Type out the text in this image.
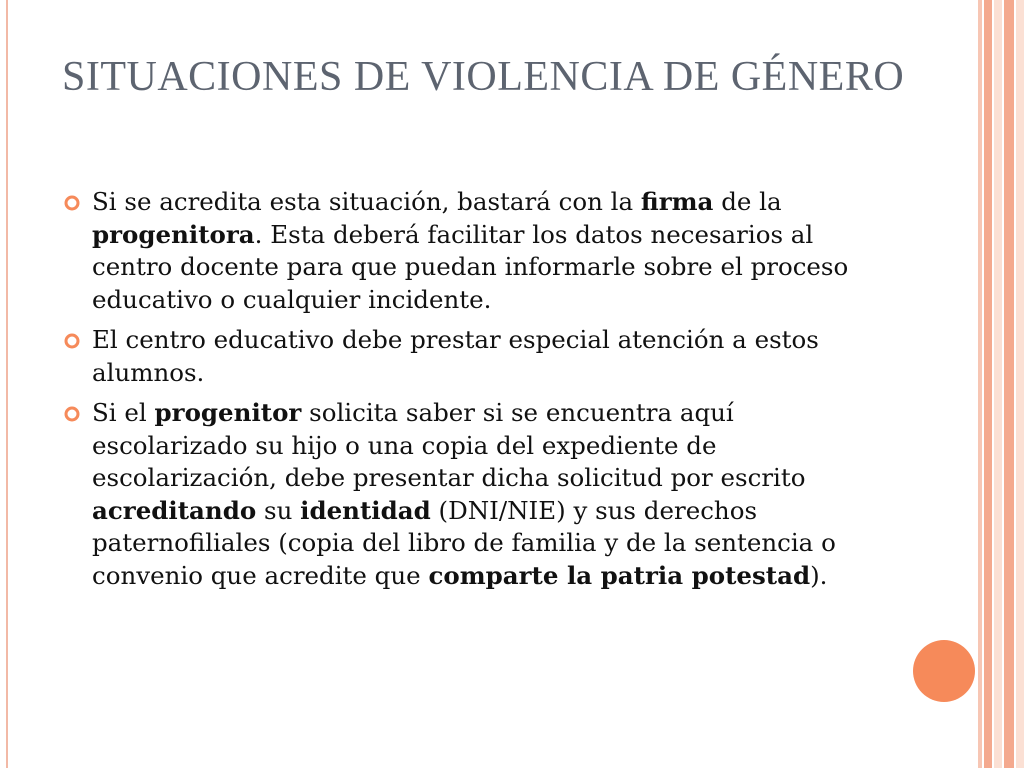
SITUACIONES DE VIOLENCIA DE GÉNERO
Si se acredita esta situación, bastará con la firma de la progenitora. Esta deberá facilitar los datos necesarios al centro docente para que puedan informarle sobre el proceso educativo o cualquier incidente.
El centro educativo debe prestar especial atención a estos alumnos.
Si el progenitor solicita saber si se encuentra aquí escolarizado su hijo o una copia del expediente de escolarización, debe presentar dicha solicitud por escrito acreditando su identidad (DNI/NIE) y sus derechos paternofiliales (copia del libro de familia y de la sentencia o convenio que acredite que comparte la patria potestad).
